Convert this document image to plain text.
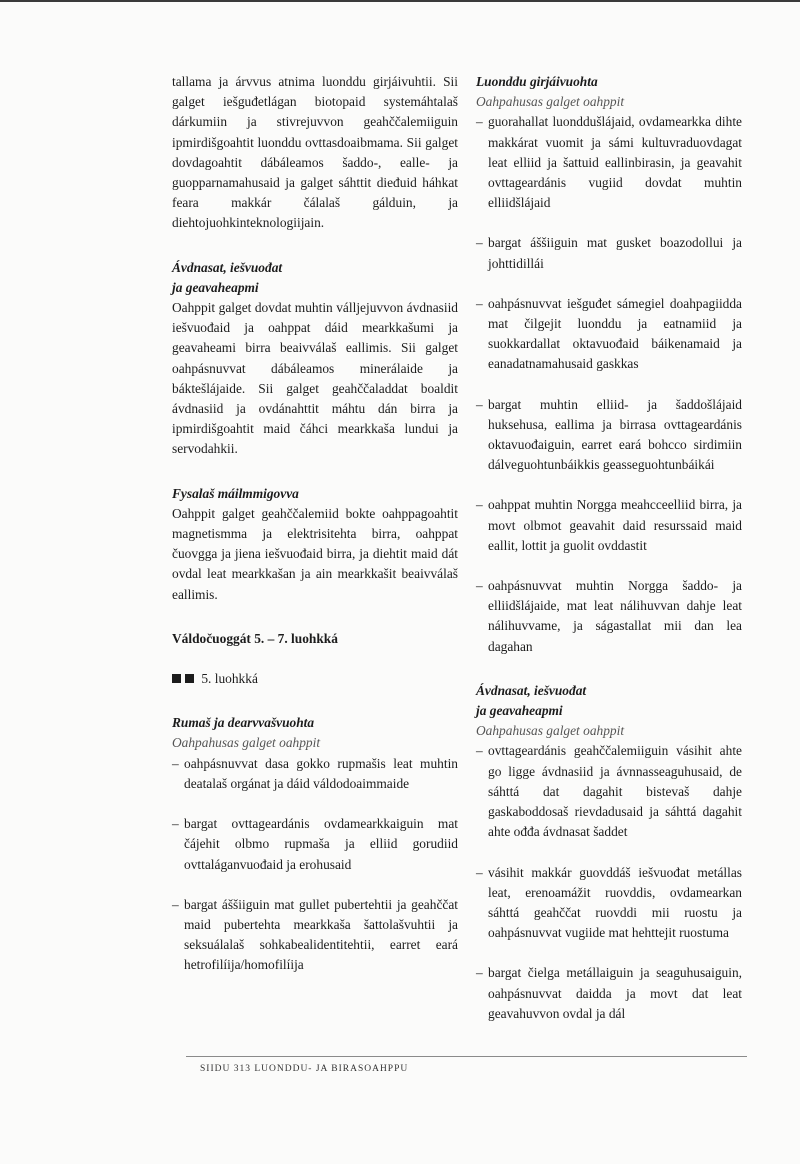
tallama ja árvvus atnima luonddu girjáivuhtii. Sii galget iešguđetlágan biotopaid systemáhtalaš dárkumiin ja stivrejuvvon geahččalemiiguin ipmirdišgoahtit luonddu ovttasdoaibmama. Sii galget dovdagoahtit dábáleamos šaddo-, ealle- ja guopparnamahusaid ja galget sáhttit dieđuid háhkat feara makkár čálalaš gálduin, ja diehtojuohkinteknologiijain.

Ávdnasat, iešvuođat

ja geavaheapmi

Oahppit galget dovdat muhtin válljejuvvon ávdnasiid iešvuođaid ja oahppat dáid mearkkašumi ja geavaheami birra beaivválaš eallimis. Sii galget oahpásnuvvat dábáleamos minerálaide ja báktešlájaide. Sii galget geahččaladdat boaldit ávdnasiid ja ovdánahttit máhtu dán birra ja ipmirdišgoahtit maid čáhci mearkkaša lundui ja servodahkii.

Fysalaš máilmmigovva

Oahppit galget geahččalemiid bokte oahppagoahtit magnetismma ja elektrisitehta birra, oahppat čuovgga ja jiena iešvuođaid birra, ja diehtit maid dát ovdal leat mearkkašan ja ain mearkkašit beaivválaš eallimis.

Váldočuoggát 5. – 7. luohkká

5. luohkká

Rumaš ja dearvvašvuohta

Oahpahusas galget oahppit

– oahpásnuvvat dasa gokko rupmašis leat muhtin deatalaš orgánat ja dáid váldodoaimmaide

– bargat ovttageardánis ovdamearkkaiguin mat čájehit olbmo rupmaša ja elliid gorudiid ovttaláganvuođaid ja erohusaid

– bargat áššiiguin mat gullet pubertehtii ja geahččat maid pubertehta mearkkaša šattolašvuhtii ja seksuálalaš sohkabealidentitehtii, earret eará hetrofilíija/homofilíija

Luonddu girjáivuohta

Oahpahusas galget oahppit

– guorahallat luonddušlájaid, ovdamearkka dihte makkárat vuomit ja sámi kultuvraduovdagat leat elliid ja šattuid eallinbirasin, ja geavahit ovttageardánis vugiid dovdat muhtin elliidšlájaid

– bargat áššiiguin mat gusket boazodollui ja johttidillái

– oahpásnuvvat iešguđet sámegiel doahpagiidda mat čilgejit luonddu ja eatnamiid ja suokkardallat oktavuođaid báikenamaid ja eanadatnamahusaid gaskkas

– bargat muhtin elliid- ja šaddošlájaid huksehusa, eallima ja birrasa ovttageardánis oktavuođaiguin, earret eará bohcco sirdimiin dálveguohtunbáikkis geasseguohtunbáikái

– oahppat muhtin Norgga meahcceelliid birra, ja movt olbmot geavahit daid resurssaid maid eallit, lottit ja guolit ovddastit

– oahpásnuvvat muhtin Norgga šaddo- ja elliidšlájaide, mat leat nálihuvvan dahje leat nálihuvvame, ja ságastallat mii dan lea dagahan

Ávdnasat, iešvuođat

ja geavaheapmi

Oahpahusas galget oahppit

– ovttageardánis geahččalemiiguin vásihit ahte go ligge ávdnasiid ja ávnnasseaguhusaid, de sáhttá dat dagahit bistevaš dahje gaskaboddosaš rievdadusaid ja sáhttá dagahit ahte ođđa ávdnasat šaddet

– vásihit makkár guovddáš iešvuođat metállas leat, erenoamážit ruovddis, ovdamearkan sáhttá geahččat ruovddi mii ruostu ja oahpásnuvvat vugiide mat hehttejit ruostuma

– bargat čielga metállaiguin ja seaguhusaiguin, oahpásnuvvat daidda ja movt dat leat geavahuvvon ovdal ja dál

SIIDU 313 LUONDDU- JA BIRASOAHPPU
